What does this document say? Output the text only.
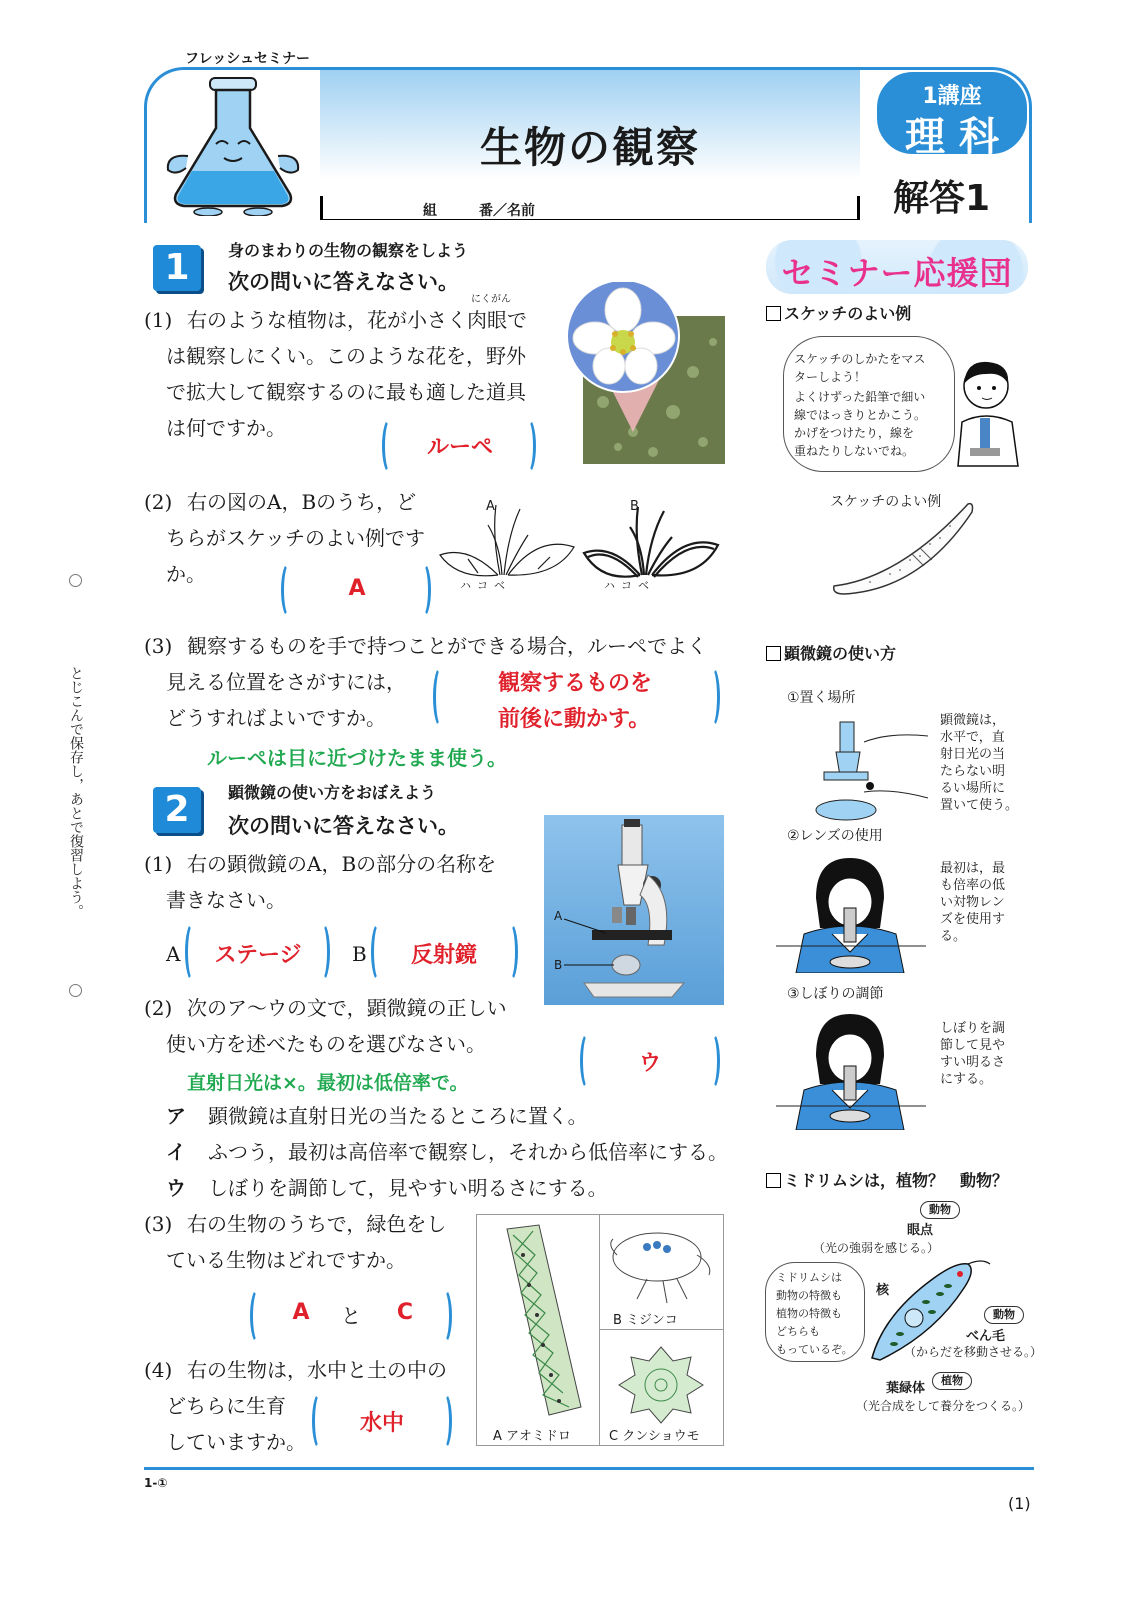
フレッシュセミナー
生物の観察
組　　　番／名前
1講座
理 科
解答1
とじこんで保存し，あとで復習しよう。
1	身のまわりの生物の観察をしよう
次の問いに答えなさい。
(1) 右のような植物は，花が小さく
にくがん
肉眼で
は観察しにくい。このような花を，野外
で拡大して観察するのに最も適した道具
は何ですか。
ルーペ
(2) 右の図のA，Bのうち，ど
ちらがスケッチのよい例です
か。
A
A
ハコベ
B
ハコベ
(3) 観察するものを手で持つことができる場合，ルーペでよく
見える位置をさがすには，
どうすればよいですか。
観察するものを
前後に動かす。
ルーペは目に近づけたまま使う。
2	顕微鏡の使い方をおぼえよう
次の問いに答えなさい。
(1) 右の顕微鏡のA，Bの部分の名称を
書きなさい。
A	ステージ	B	反射鏡
A
B
(2) 次のア～ウの文で，顕微鏡の正しい
使い方を述べたものを選びなさい。
ウ
直射日光は×。最初は低倍率で。
ア 顕微鏡は直射日光の当たるところに置く。
イ ふつう，最初は高倍率で観察し，それから低倍率にする。
ウ しぼりを調節して，見やすい明るさにする。
(3) 右の生物のうちで，緑色をし
ている生物はどれですか。
A	と	C
(4) 右の生物は，水中と土の中の
どちらに生育
していますか。
水中
A アオミドロ
B ミジンコ
C クンショウモ
セミナー応援団
スケッチのよい例
スケッチのしかたをマス
ターしよう！
よくけずった鉛筆で細い
線ではっきりとかこう。
かげをつけたり，線を
重ねたりしないでね。
スケッチのよい例
顕微鏡の使い方
①置く場所
顕微鏡は，
水平で，直
射日光の当
たらない明
るい場所に
置いて使う。
②レンズの使用
最初は，最
も倍率の低
い対物レン
ズを使用す
る。
③しぼりの調節
しぼりを調
節して見や
すい明るさ
にする。
ミドリムシは，植物？　動物？
動物
眼点
（光の強弱を感じる。）
ミドリムシは
動物の特徴も
植物の特徴も
どちらも
もっているぞ。
核
動物
べん毛
（からだを移動させる。）
葉緑体
植物
（光合成をして養分をつくる。）
1-①
(1)
